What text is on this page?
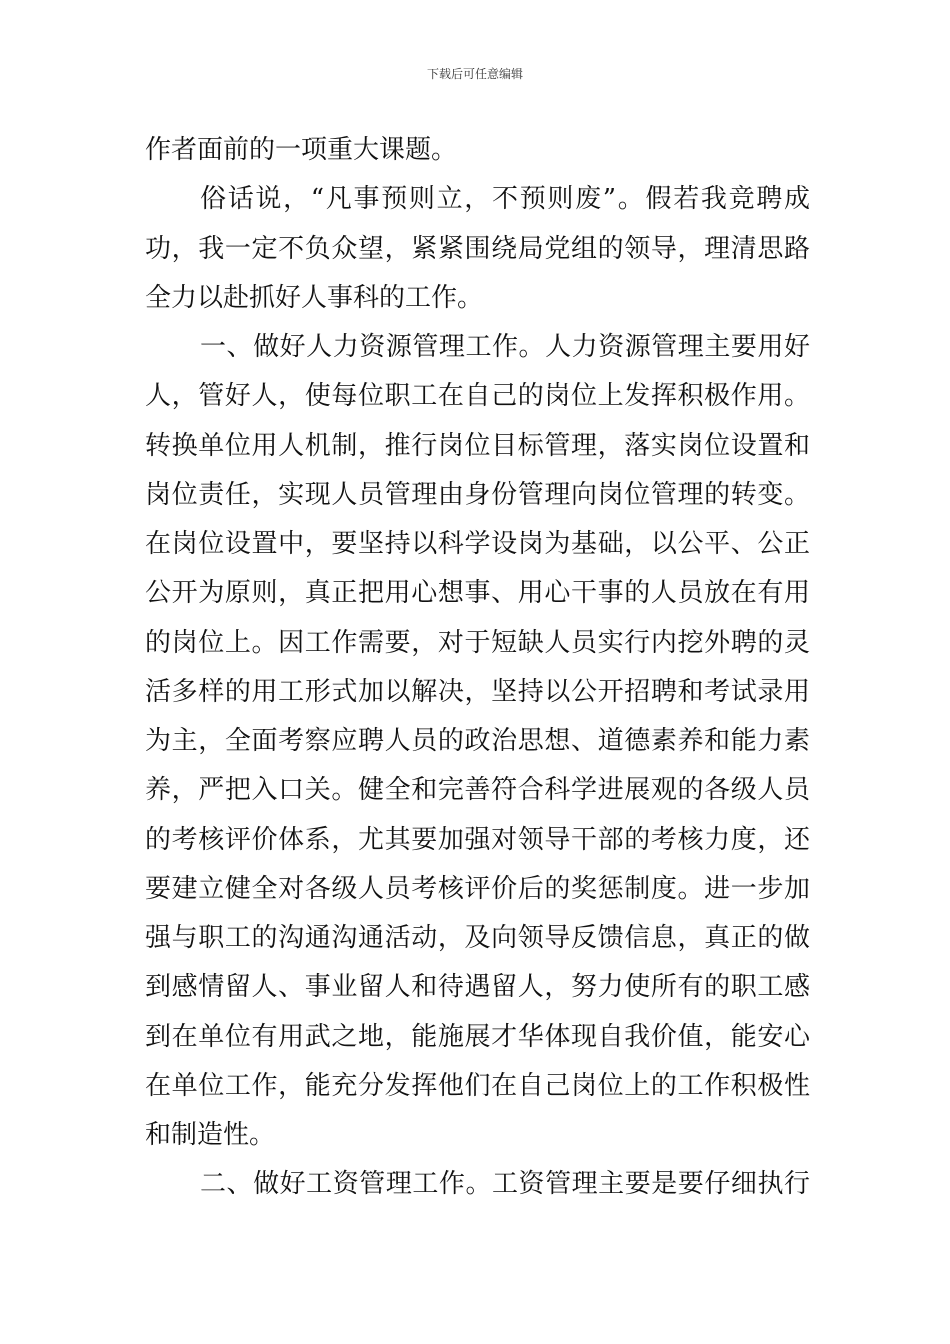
下载后可任意编辑
作者面前的一项重大课题。
俗话说，“凡事预则立，不预则废”。假若我竞聘成
功，我一定不负众望，紧紧围绕局党组的领导，理清思路
全力以赴抓好人事科的工作。
一、做好人力资源管理工作。人力资源管理主要用好
人，管好人，使每位职工在自己的岗位上发挥积极作用。
转换单位用人机制，推行岗位目标管理，落实岗位设置和
岗位责任，实现人员管理由身份管理向岗位管理的转变。
在岗位设置中，要坚持以科学设岗为基础，以公平、公正
公开为原则，真正把用心想事、用心干事的人员放在有用
的岗位上。因工作需要，对于短缺人员实行内挖外聘的灵
活多样的用工形式加以解决，坚持以公开招聘和考试录用
为主，全面考察应聘人员的政治思想、道德素养和能力素
养，严把入口关。健全和完善符合科学进展观的各级人员
的考核评价体系，尤其要加强对领导干部的考核力度，还
要建立健全对各级人员考核评价后的奖惩制度。进一步加
强与职工的沟通沟通活动，及向领导反馈信息，真正的做
到感情留人、事业留人和待遇留人，努力使所有的职工感
到在单位有用武之地，能施展才华体现自我价值，能安心
在单位工作，能充分发挥他们在自己岗位上的工作积极性
和制造性。
二、做好工资管理工作。工资管理主要是要仔细执行
